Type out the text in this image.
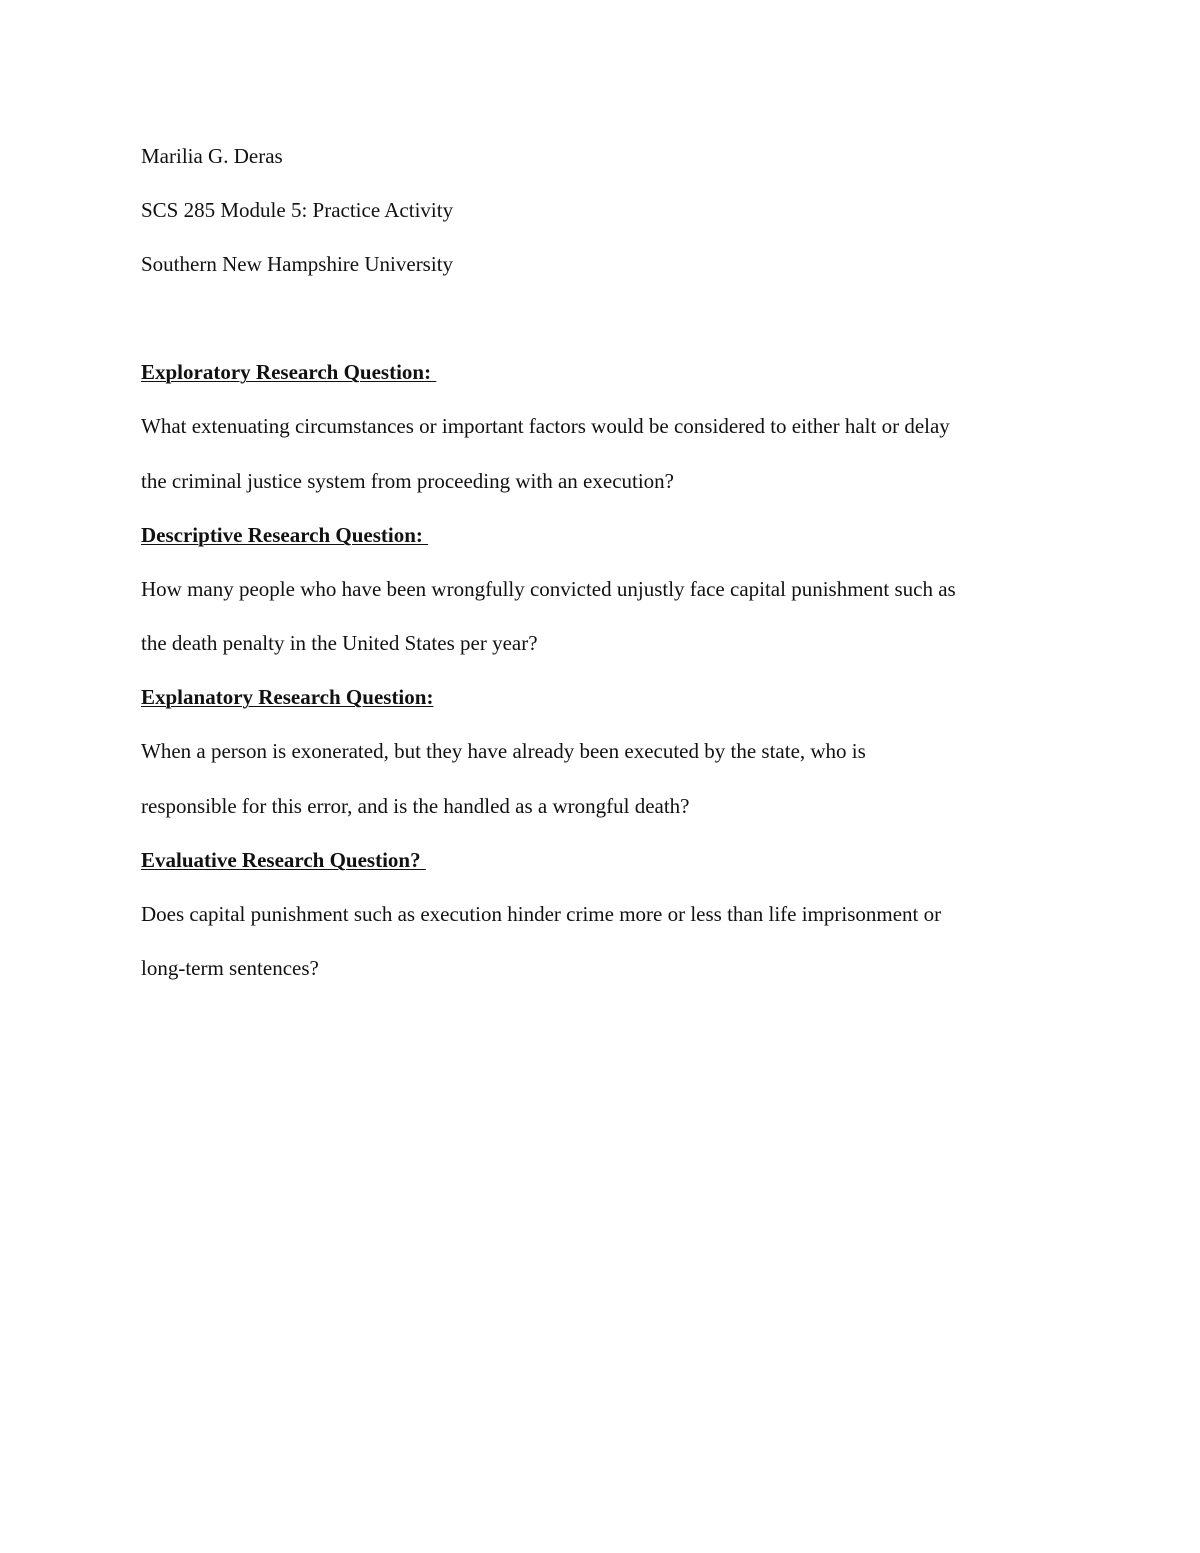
Marilia G. Deras

SCS 285 Module 5: Practice Activity

Southern New Hampshire University

Exploratory Research Question:

What extenuating circumstances or important factors would be considered to either halt or delay

the criminal justice system from proceeding with an execution?

Descriptive Research Question:

How many people who have been wrongfully convicted unjustly face capital punishment such as

the death penalty in the United States per year?

Explanatory Research Question:

When a person is exonerated, but they have already been executed by the state, who is

responsible for this error, and is the handled as a wrongful death?

Evaluative Research Question?

Does capital punishment such as execution hinder crime more or less than life imprisonment or

long-term sentences?
